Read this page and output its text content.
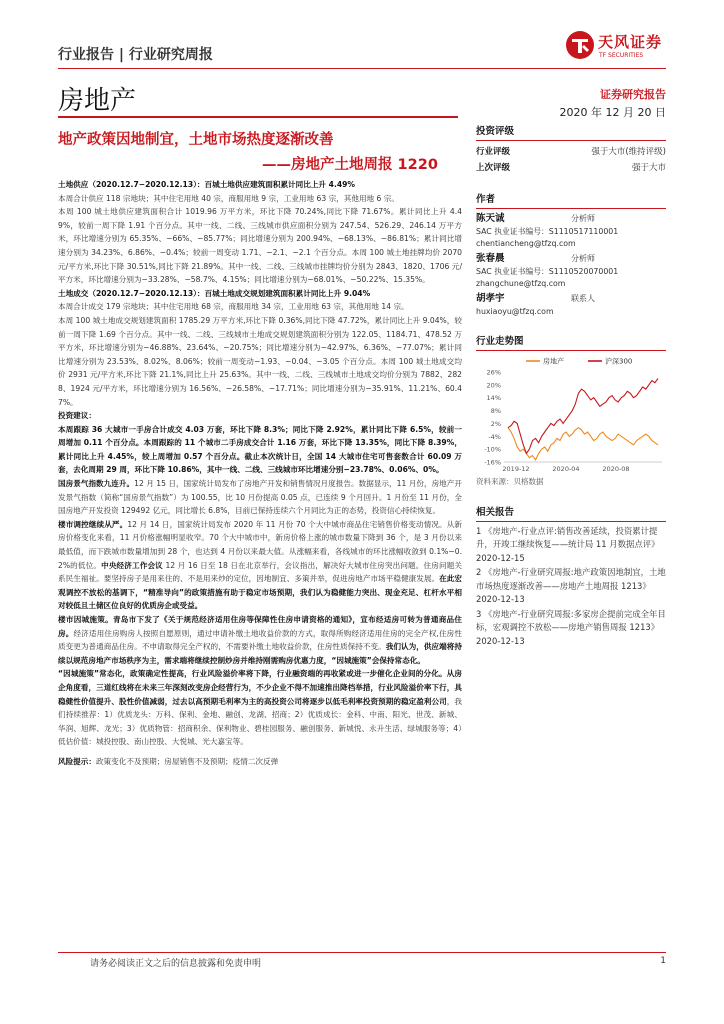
行业报告 | 行业研究周报
天风证券
TF SECURITIES
房地产	证券研究报告
2020 年 12 月 20 日
地产政策因地制宜，土地市场热度逐渐改善
——房地产土地周报 1220

土地供应（2020.12.7−2020.12.13）：百城土地供应建筑面积累计同比上升 4.49%

本周合计供应 118 宗地块；其中住宅用地 40 宗，商服用地 9 宗，工业用地 63 宗，其他用地 6 宗。

本周 100 城土地供应建筑面积合计 1019.96 万平方米，环比下降 70.24%,同比下降 71.67%。累计同比上升 4.49%，较前一周下降 1.91 个百分点。其中一线、二线、三线城市供应面积分别为 247.54、526.29、246.14 万平方米，环比增速分别为 65.35%、−66%、−85.77%；同比增速分别为 200.94%、−68.13%、−86.81%；累计同比增速分别为 34.23%、6.86%、−0.4%；较前一周变动 1.71、−2.1、−2.1 个百分点。本周 100 城土地挂牌均价 2070 元/平方米,环比下降 30.51%,同比下降 21.89%。其中一线、二线、三线城市挂牌均价分别为 2843、1820、1706 元/平方米，环比增速分别为−33.28%、−58.7%、4.15%；同比增速分别为−68.01%、−50.22%、15.35%。

土地成交（2020.12.7−2020.12.13）：百城土地成交规划建筑面积累计同比上升 9.04%

本周合计成交 179 宗地块；其中住宅用地 68 宗，商服用地 34 宗，工业用地 63 宗，其他用地 14 宗。

本周 100 城土地成交规划建筑面积 1785.29 万平方米,环比下降 0.36%,同比下降 47.72%，累计同比上升 9.04%，较前一周下降 1.69 个百分点。其中一线、二线、三线城市土地成交规划建筑面积分别为 122.05、1184.71、478.52 万平方米，环比增速分别为−46.88%、23.64%、−20.75%；同比增速分别为−42.97%、6.36%、−77.07%；累计同比增速分别为 23.53%、8.02%、8.06%；较前一周变动−1.93、−0.04、−3.05 个百分点。本周 100 城土地成交均价 2931 元/平方米,环比下降 21.1%,同比上升 25.63%。其中一线、二线、三线城市土地成交均价分别为 7882、2828、1924 元/平方米，环比增速分别为 16.56%、−26.58%、−17.71%；同比增速分别为−35.91%、11.21%、60.47%。

投资建议：

本周跟踪 36 大城市一手房合计成交 4.03 万套，环比下降 8.3%；同比下降 2.92%，累计同比下降 6.5%，较前一周增加 0.11 个百分点。本周跟踪的 11 个城市二手房成交合计 1.16 万套，环比下降 13.35%，同比下降 8.39%，累计同比上升 4.45%，较上周增加 0.57 个百分点。截止本次统计日，全国 14 大城市住宅可售套数合计 60.09 万套，去化周期 29 周，环比下降 10.86%，其中一线、二线、三线城市环比增速分别−23.78%、0.06%、0%。

国房景气指数九连升。12 月 15 日，国家统计局发布了房地产开发和销售情况月度报告。数据显示，11 月份，房地产开发景气指数（简称“国房景气指数”）为 100.55，比 10 月份提高 0.05 点，已连续 9 个月回升。1 月份至 11 月份，全国房地产开发投资 129492 亿元，同比增长 6.8%，目前已保持连续六个月同比为正的态势，投资信心持续恢复。

楼市调控继续从严。12 月 14 日，国家统计局发布 2020 年 11 月份 70 个大中城市商品住宅销售价格变动情况。从新房价格变化来看，11 月价格涨幅明显收窄。70 个大中城市中，新房价格上涨的城市数量下降到 36 个，是 3 月份以来最低值，而下跌城市数量增加到 28 个，也达到 4 月份以来最大值。从涨幅来看，各线城市的环比涨幅收敛到 0.1%−0.2%的低位。中央经济工作会议 12 月 16 日至 18 日在北京举行，会议指出，解决好大城市住房突出问题。住房问题关系民生福祉。要坚持房子是用来住的、不是用来炒的定位，因地制宜、多策并举，促进房地产市场平稳健康发展。在此宏观调控不放松的基调下，“精准导向”的政策措施有助于稳定市场预期，我们认为稳健能力突出、现金充足、杠杆水平相对较低且土储区位良好的优质房企或受益。

楼市因城施策。青岛市下发了《关于规范经济适用住房等保障性住房申请资格的通知》，宣布经适房可转为普通商品住房。经济适用住房购房人按照自愿原则，通过申请补缴土地收益价款的方式，取得所购经济适用住房的完全产权,住房性质变更为普通商品住房。不申请取得完全产权的，不需要补缴土地收益价款，住房性质保持不变。我们认为，供应端将持续以规范房地产市场秩序为主，需求端将继续控制炒房并维持刚需购房优惠力度，“因城施策”会保持常态化。

“因城施策”常态化，政策确定性提高，行业风险溢价率将下降，行业融资端的再收紧或进一步催化企业间的分化。从房企角度看，三道红线将在未来三年深刻改变房企经营行为，不少企业不得不加速推出降档举措，行业风险溢价率下行，具稳健性价值提升、股性价值减弱，过去以高预期毛利率为主的高投资公司将逐步以低毛利率投资预期的稳定盈利公司，我们持续推荐：1）优质龙头：万科、保利、金地、融创、龙湖、招商；2）优质成长：金科、中南、阳光、世茂、新城、华润、旭辉、龙光；3）优质物管：招商积余、保利物业、碧桂园服务、融创服务、新城悦、永升生活、绿城服务等；4）低估价值：城投控股、南山控股、大悦城、光大嘉宝等。

风险提示：政策变化不及预期；房屋销售不及预期；疫情二次反弹

投资评级
行业评级	强于大市(维持评级)
上次评级	强于大市
作者
陈天诚	分析师
SAC 执业证书编号：S1110517110001
chentiancheng@tfzq.com
张春晨	分析师
SAC 执业证书编号：S1110520070001
zhangchune@tfzq.com
胡孝宇	联系人
huxiaoyu@tfzq.com
行业走势图
26%
20%
14%
8%
2%
-4%
-10%
-16%
2019-12	2020-04	2020-08
房地产	沪深300
资料来源：贝格数据
相关报告
1 《房地产-行业点评:销售改善延续，投资累计提升，开竣工继续恢复——统计局 11 月数据点评》 2020-12-15
2 《房地产-行业研究周报:地产政策因地制宜，土地市场热度逐渐改善——房地产土地周报 1213》 2020-12-13
3 《房地产-行业研究周报:多家房企提前完成全年目标，宏观调控不放松——房地产销售周报 1213》 2020-12-13
请务必阅读正文之后的信息披露和免责申明	1
